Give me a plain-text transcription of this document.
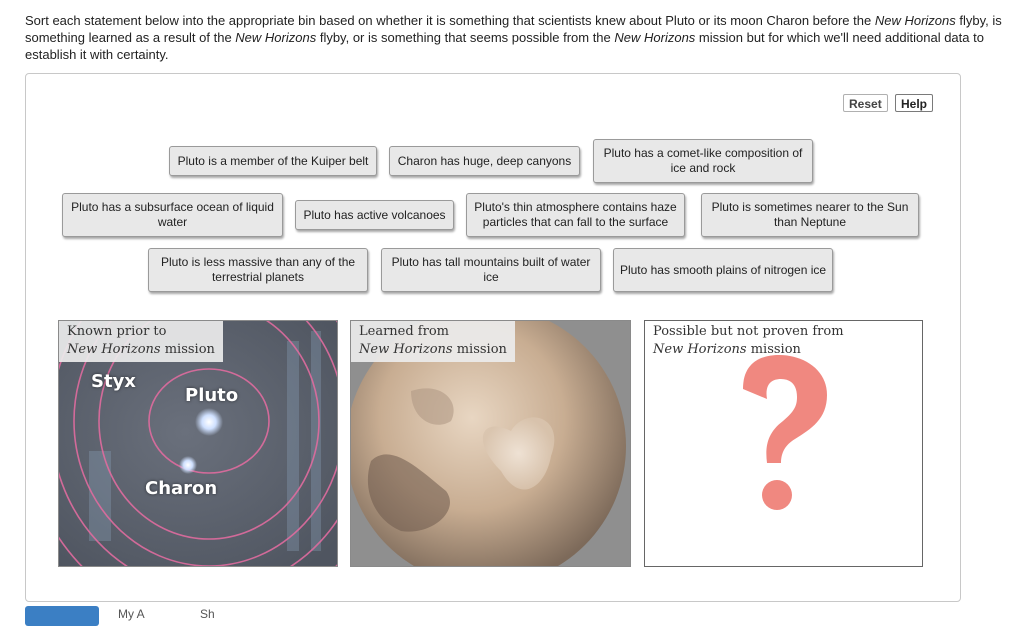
Sort each statement below into the appropriate bin based on whether it is something that scientists knew about Pluto or its moon Charon before the New Horizons flyby, is something learned as a result of the New Horizons flyby, or is something that seems possible from the New Horizons mission but for which we'll need additional data to establish it with certainty.
Reset	Help
Pluto is a member of the Kuiper belt	Charon has huge, deep canyons
Pluto has a comet-like composition of ice and rock
Pluto has a subsurface ocean of liquid water
Pluto has active volcanoes
Pluto's thin atmosphere contains haze particles that can fall to the surface
Pluto is sometimes nearer to the Sun than Neptune
Pluto is less massive than any of the terrestrial planets
Pluto has tall mountains built of water ice
Pluto has smooth plains of nitrogen ice
Known prior to
New Horizons mission
Styx
Pluto
Charon
Learned from
New Horizons mission
Possible but not proven from
New Horizons mission
My A	Sh
